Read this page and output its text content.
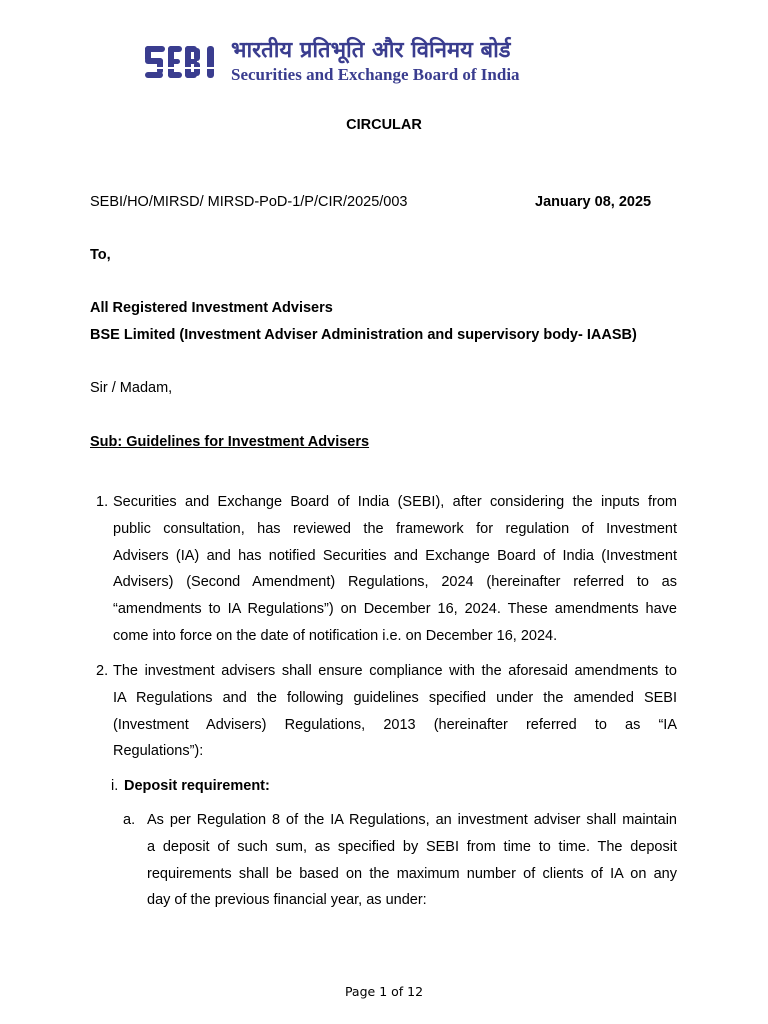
भारतीय प्रतिभूति और विनिमय बोर्ड
Securities and Exchange Board of India
CIRCULAR
SEBI/HO/MIRSD/ MIRSD-PoD-1/P/CIR/2025/003	January 08, 2025
To,
All Registered Investment Advisers
BSE Limited (Investment Adviser Administration and supervisory body- IAASB)
Sir / Madam,
Sub: Guidelines for Investment Advisers
1. Securities and Exchange Board of India (SEBI), after considering the inputs from
public consultation, has reviewed the framework for regulation of Investment
Advisers (IA) and has notified Securities and Exchange Board of India (Investment
Advisers) (Second Amendment) Regulations, 2024 (hereinafter referred to as
“amendments to IA Regulations”) on December 16, 2024. These amendments have
come into force on the date of notification i.e. on December 16, 2024.
2. The investment advisers shall ensure compliance with the aforesaid amendments to
IA Regulations and the following guidelines specified under the amended SEBI
(Investment Advisers) Regulations, 2013 (hereinafter referred to as “IA
Regulations”):
i. Deposit requirement:
a. As per Regulation 8 of the IA Regulations, an investment adviser shall maintain
a deposit of such sum, as specified by SEBI from time to time. The deposit
requirements shall be based on the maximum number of clients of IA on any
day of the previous financial year, as under:
Page 1 of 12
